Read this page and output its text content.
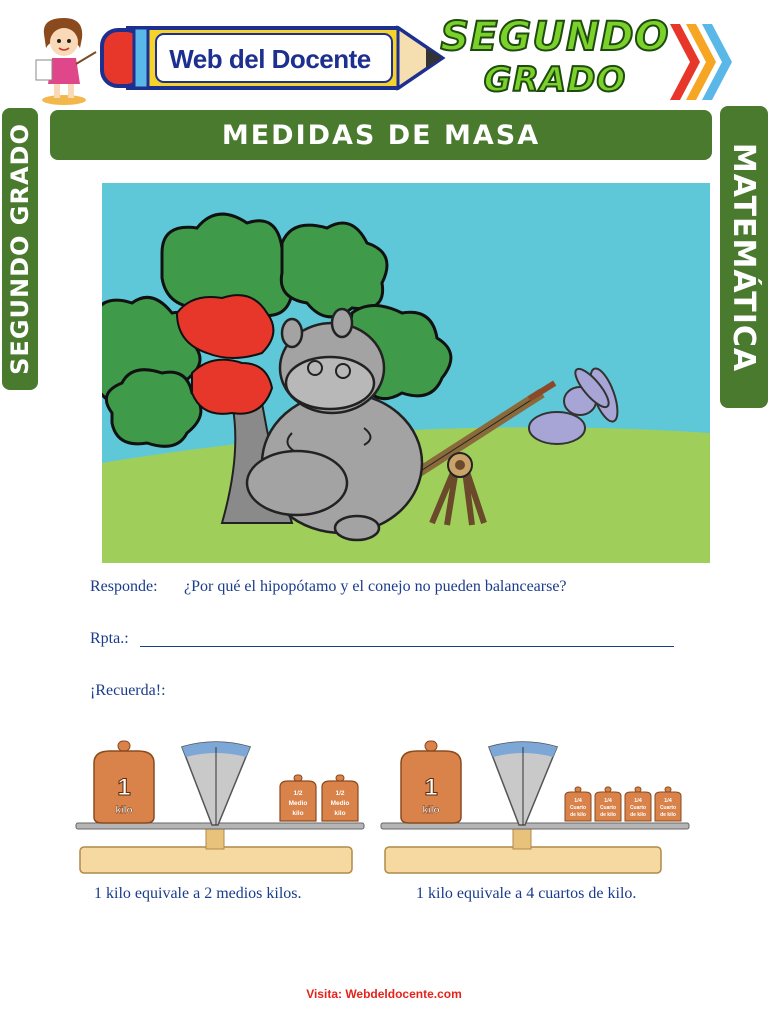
Web del Docente SEGUNDO
GRADO
SEGUNDO GRADO	MATEMÁTICA
MEDIDAS DE MASA
Responde: ¿Por qué el hipopótamo y el conejo no pueden balancearse?
Rpta.:
¡Recuerda!:
1
kilo
1/2
Medio
kilo
1/2
Medio
kilo
1 kilo equivale a 2 medios kilos.
1
kilo
1/4
Cuarto
de kilo
1/4
Cuarto
de kilo
1/4
Cuarto
de kilo
1/4
Cuarto
de kilo
1 kilo equivale a 4 cuartos de kilo.
Visita: Webdeldocente.com
